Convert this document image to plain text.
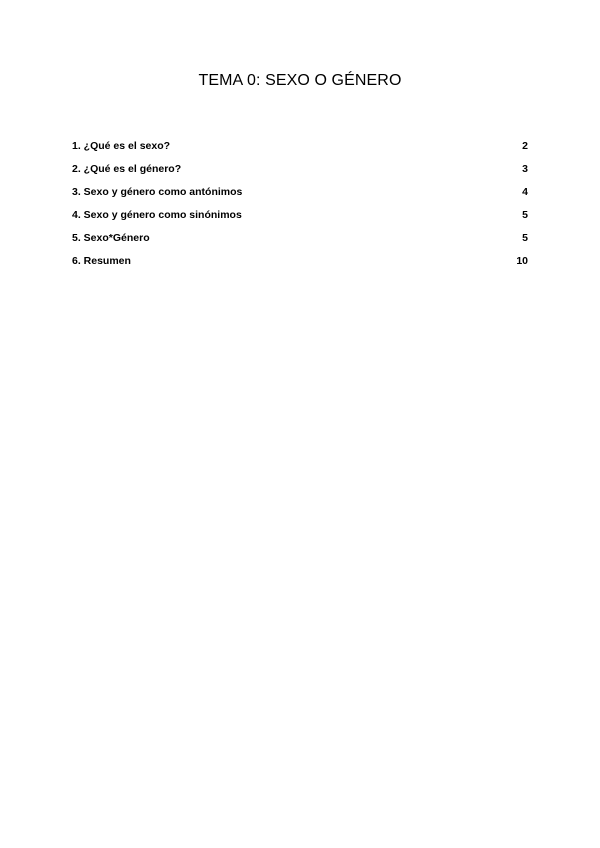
TEMA 0: SEXO O GÉNERO
1. ¿Qué es el sexo?	2
2. ¿Qué es el género?	3
3. Sexo y género como antónimos	4
4. Sexo y género como sinónimos	5
5. Sexo*Género	5
6. Resumen	10
